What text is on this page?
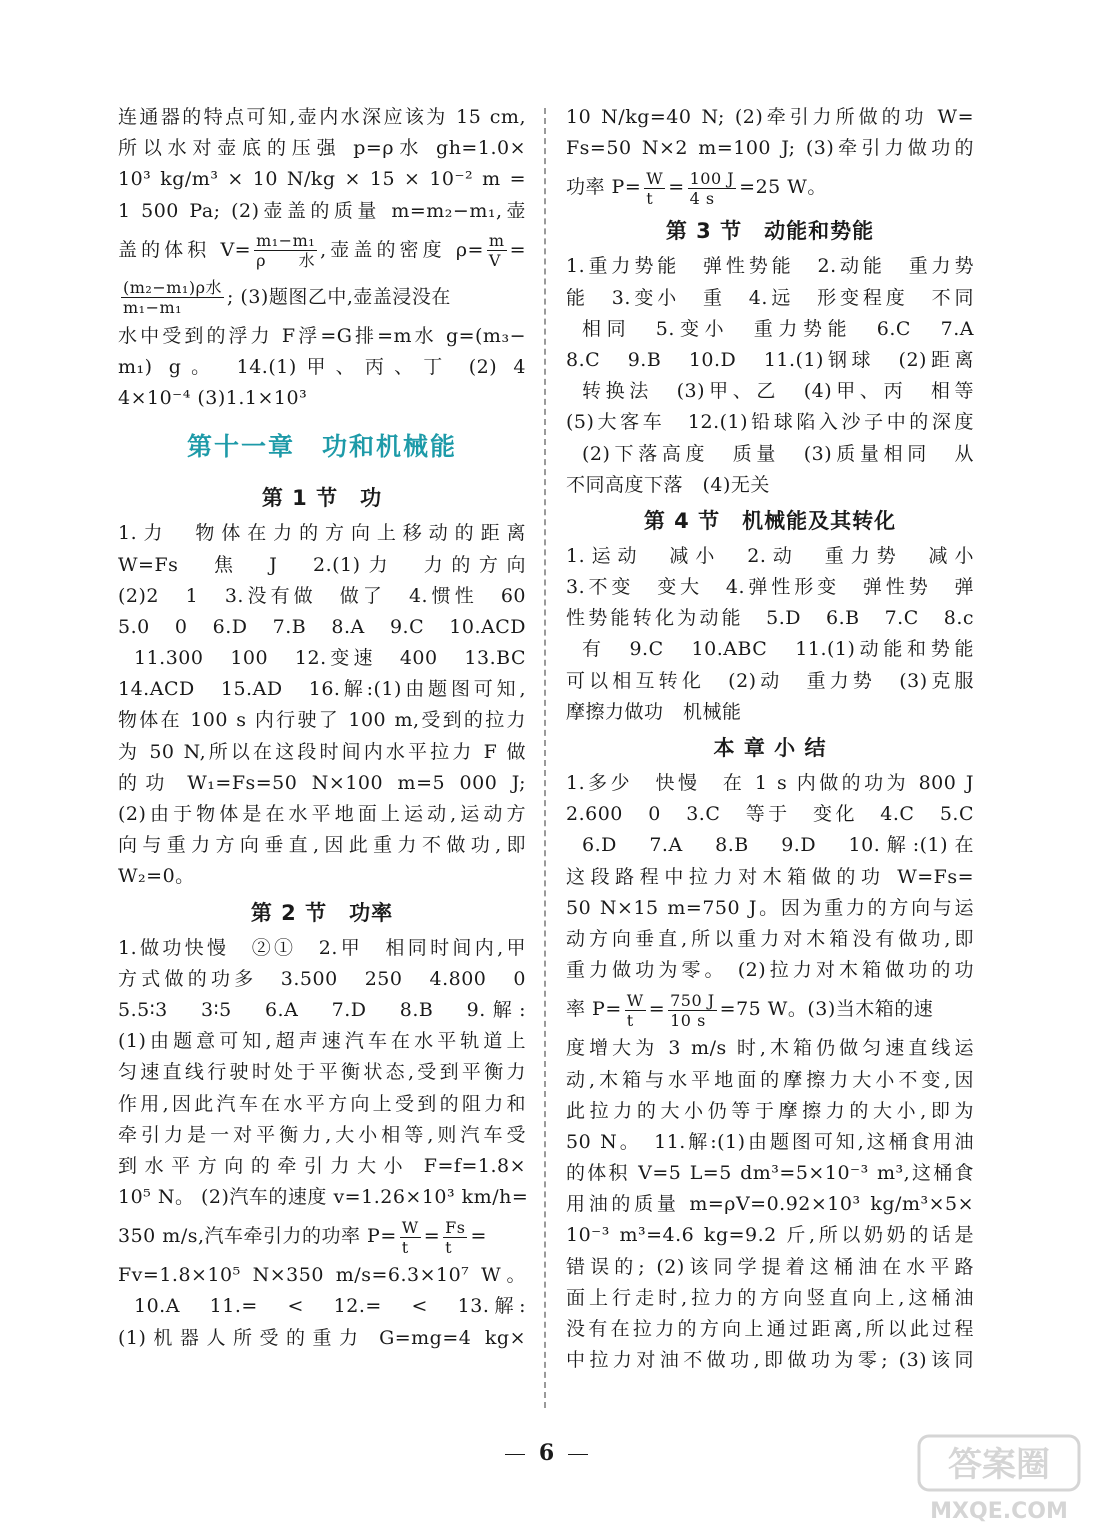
连通器的特点可知,壶内水深应该为 15 cm,
所以水对壶底的压强 p=ρ水 gh=1.0×
10³ kg/m³ × 10 N/kg × 15 × 10⁻² m =
1 500 Pa; (2)壶盖的质量 m=m₂−m₁,壶
盖的体积 $V= \frac{\text{m₁−m₁}}{\text{ρ水}}$ ,壶盖的密度 $\rho= \frac{m}{V}$ =
$\frac{\text{(m₂−m₁)ρ水}}{\text{m₁−m₁}}$ ; (3)题图乙中,壶盖浸没在
水中受到的浮力 F浮=G排=m水 g=(m₃−
m₁) g。 14.(1)甲、丙、丁 (2) 4
4×10⁻⁴ (3)1.1×10³
第十一章　功和机械能
第 1 节　功
1.力　物体在力的方向上移动的距离
W=Fs　焦　J　2.(1)力　力的方向
(2)2　1　3.没有做　做了　4.惯性　60
5.0　0　6.D　7.B　8.A　9.C　10.ACD
11.300　100　12.变速　400　13.BC
14.ACD　15.AD　16.解:(1)由题图可知,
物体在 100 s 内行驶了 100 m,受到的拉力
为 50 N,所以在这段时间内水平拉力 F 做
的功 W₁=Fs=50 N×100 m=5 000 J;
(2)由于物体是在水平地面上运动,运动方
向与重力方向垂直,因此重力不做功,即
W₂=0。
第 2 节　功率
1.做功快慢　②①　2.甲　相同时间内,甲
方式做的功多　3.500　250　4.800　0
5.5∶3　3∶5　6.A　7.D　8.B　9.解:
(1)由题意可知,超声速汽车在水平轨道上
匀速直线行驶时处于平衡状态,受到平衡力
作用,因此汽车在水平方向上受到的阻力和
牵引力是一对平衡力,大小相等,则汽车受
到水平方向的牵引力大小 F=f=1.8×
10⁵ N。 (2)汽车的速度 v=1.26×10³ km/h=
350 m/s,汽车牵引力的功率 $P= \frac{W}{t} = \frac{Fs}{t}$ =
Fv=1.8×10⁵ N×350 m/s=6.3×10⁷ W。
10.A　11.=　<　12.=　<　13.解:
(1)机器人所受的重力 G=mg=4 kg×
10 N/kg=40 N; (2)牵引力所做的功 W=
Fs=50 N×2 m=100 J; (3)牵引力做功的
功率 $P= \frac{W}{t} = \frac{100 J}{4 s} =25$ W。
第 3 节　动能和势能
1.重力势能　弹性势能　2.动能　重力势
能　3.变小　重　4.远　形变程度　不同
相同　5.变小　重力势能　6.C　7.A
8.C　9.B　10.D　11.(1)钢球　(2)距离
转换法　(3)甲、乙　(4)甲、丙　相等
(5)大客车　12.(1)铅球陷入沙子中的深度
(2)下落高度　质量　(3)质量相同　从
不同高度下落　(4)无关
第 4 节　机械能及其转化
1.运动　减小　2.动　重力势　减小
3.不变　变大　4.弹性形变　弹性势　弹
性势能转化为动能　5.D　6.B　7.C　8.c
有　9.C　10.ABC　11.(1)动能和势能
可以相互转化　(2)动　重力势　(3)克服
摩擦力做功　机械能
本 章 小 结
1.多少　快慢　在 1 s 内做的功为 800 J
2.600　0　3.C　等于　变化　4.C　5.C
6.D　7.A　8.B　9.D　10.解:(1)在
这段路程中拉力对木箱做的功 W=Fs=
50 N×15 m=750 J。因为重力的方向与运
动方向垂直,所以重力对木箱没有做功,即
重力做功为零。 (2)拉力对木箱做功的功
率 $P= \frac{W}{t} = \frac{750 J}{10 s} =75$ W。(3)当木箱的速
度增大为 3 m/s 时,木箱仍做匀速直线运
动,木箱与水平地面的摩擦力大小不变,因
此拉力的大小仍等于摩擦力的大小,即为
50 N。　11.解:(1)由题图可知,这桶食用油
的体积 V=5 L=5 dm³=5×10⁻³ m³,这桶食
用油的质量 m=ρV=0.92×10³ kg/m³×5×
10⁻³ m³=4.6 kg=9.2 斤,所以奶奶的话是
错误的; (2)该同学提着这桶油在水平路
面上行走时,拉力的方向竖直向上,这桶油
没有在拉力的方向上通过距离,所以此过程
中拉力对油不做功,即做功为零; (3)该同
6	答案圈
MXQE.COM
